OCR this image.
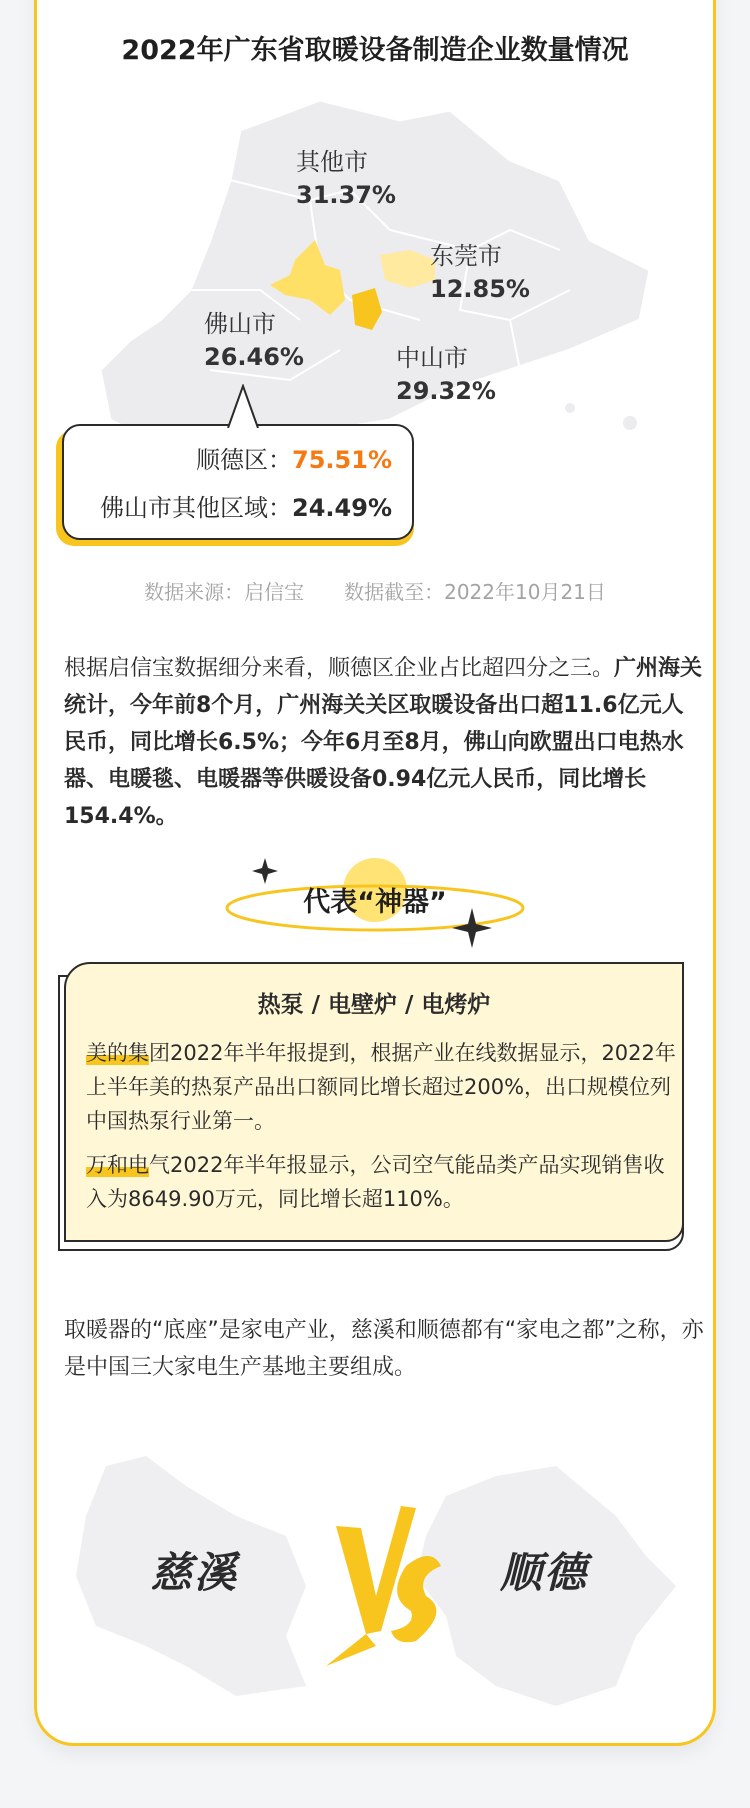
2022年广东省取暖设备制造企业数量情况
其他市
31.37%
东莞市
12.85%
佛山市
26.46%	中山市
29.32%
顺德区：75.51%
佛山市其他区域：24.49%
数据来源：启信宝　　数据截至：2022年10月21日
根据启信宝数据细分来看，顺德区企业占比超四分之三。广州海关统计，今年前8个月，广州海关关区取暖设备出口超11.6亿元人民币，同比增长6.5%；今年6月至8月，佛山向欧盟出口电热水器、电暖毯、电暖器等供暖设备0.94亿元人民币，同比增长154.4%。
代表“神器”
热泵 / 电壁炉 / 电烤炉
美的集团2022年半年报提到，根据产业在线数据显示，2022年上半年美的热泵产品出口额同比增长超过200%，出口规模位列中国热泵行业第一。
万和电气2022年半年报显示，公司空气能品类产品实现销售收入为8649.90万元，同比增长超110%。
取暖器的“底座”是家电产业，慈溪和顺德都有“家电之都”之称，亦是中国三大家电生产基地主要组成。
慈溪	顺德
